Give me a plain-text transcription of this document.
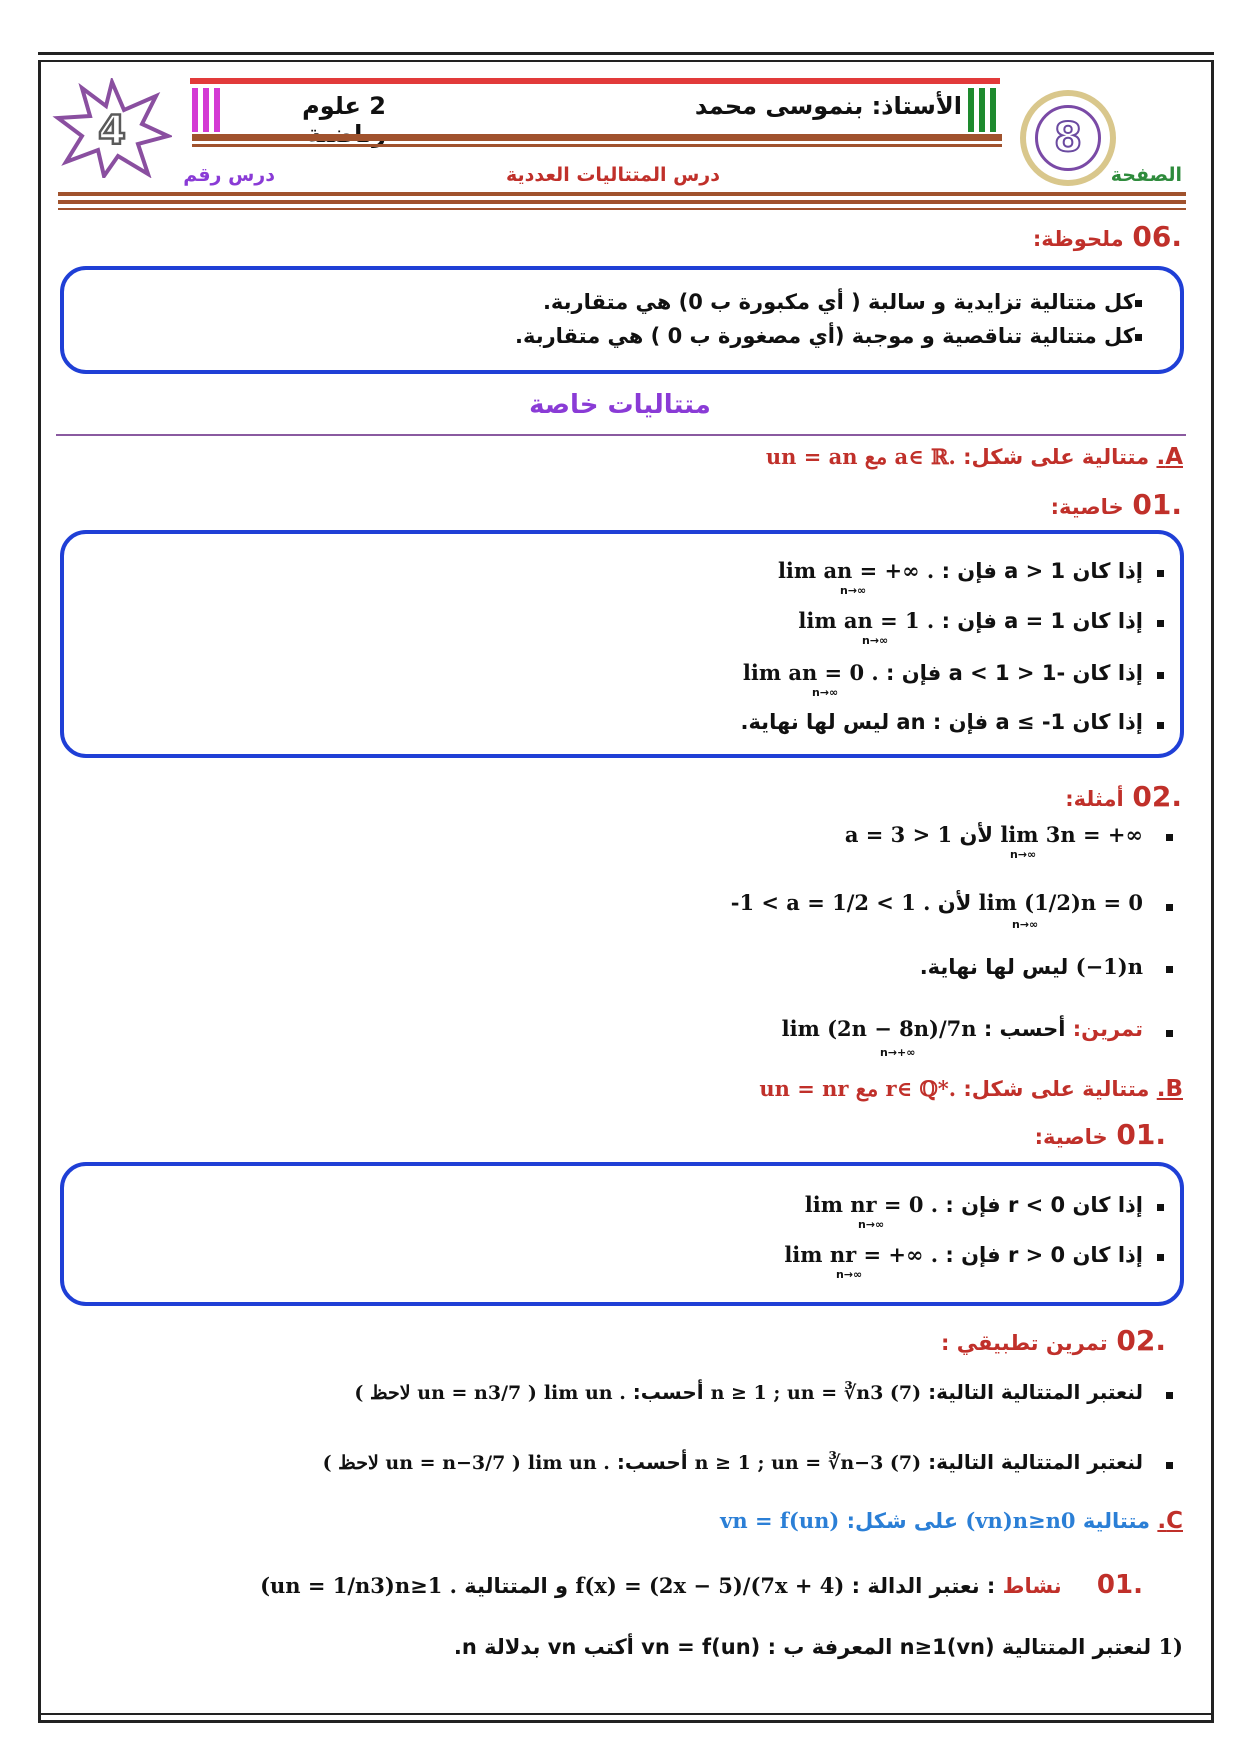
4
2 علوم	الأستاذ: بنموسى محمد
8
درس رقم	درس المتتاليات العددية	الصفحة
.06 ملحوظة:
كل متتالية تزايدية و سالبة ( أي مكبورة ب 0) هي متقاربة.
كل متتالية تناقصية و موجبة (أي مصغورة ب 0 ) هي متقاربة.
متتاليات خاصة
A. متتالية على شكل: un = an مع a∈ ℝ.
.01 خاصية:
إذا كان a > 1 فإن : lim an = +∞ .
n→∞
إذا كان a = 1 فإن : lim an = 1 .
n→∞
إذا كان -1 < a < 1 فإن : lim an = 0 .
n→∞
إذا كان a ≤ -1 فإن : an ليس لها نهاية.
.02 أمثلة:
lim 3n = +∞ لأن a = 3 > 1
n→∞
lim (1/2)n = 0 لأن -1 < a = 1/2 < 1 .
n→∞
(−1)n ليس لها نهاية.
تمرين: أحسب : lim (2n − 8n)/7n
n→+∞
B. متتالية على شكل: un = nr مع r∈ ℚ*.
.01 خاصية:
إذا كان r < 0 فإن : lim nr = 0 .
n→∞
إذا كان r > 0 فإن : lim nr = +∞ .
n→∞
.02 تمرين تطبيقي :
لنعتبر المتتالية التالية: n ≥ 1 ; un = ∛n3 (7) أحسب: lim un . ( لاحظ un = n3/7 )
لنعتبر المتتالية التالية: n ≥ 1 ; un = ∛n−3 (7) أحسب: lim un . ( لاحظ un = n−3/7 )
C. متتالية (vn)n≥n0 على شكل: vn = f(un)
.01 نشاط : نعتبر الدالة : f(x) = (2x − 5)/(7x + 4) و المتتالية (un = 1/n3)n≥1 .
1) لنعتبر المتتالية (vn)n≥1 المعرفة ب : vn = f(un) أكتب vn بدلالة n.
